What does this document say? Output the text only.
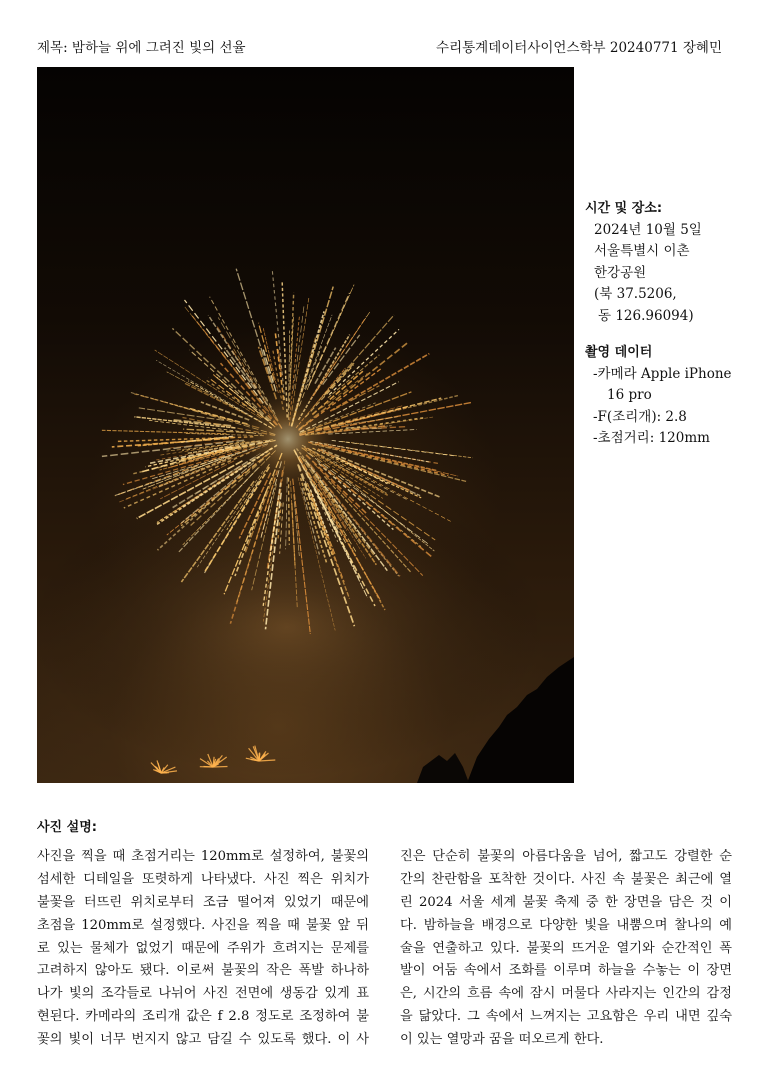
제목: 밤하늘 위에 그려진 빛의 선율	수리통계데이터사이언스학부 20240771 장혜민
시간 및 장소:
2024년 10월 5일
서울특별시 이촌
한강공원
(북 37.5206,
동 126.96094)
촬영 데이터
-카메라 Apple iPhone
16 pro
-F(조리개): 2.8
-초점거리: 120mm
사진 설명:
사진을 찍을 때 초점거리는 120mm로 설정하여, 불꽃의
섬세한 디테일을 또렷하게 나타냈다. 사진 찍은 위치가
불꽃을 터뜨린 위치로부터 조금 떨어져 있었기 때문에
초점을 120mm로 설정했다. 사진을 찍을 때 불꽃 앞 뒤
로 있는 물체가 없었기 때문에 주위가 흐려지는 문제를
고려하지 않아도 됐다. 이로써 불꽃의 작은 폭발 하나하
나가 빛의 조각들로 나뉘어 사진 전면에 생동감 있게 표
현된다. 카메라의 조리개 값은 f 2.8 정도로 조정하여 불
꽃의 빛이 너무 번지지 않고 담길 수 있도록 했다. 이 사
진은 단순히 불꽃의 아름다움을 넘어, 짧고도 강렬한 순
간의 찬란함을 포착한 것이다. 사진 속 불꽃은 최근에 열
린 2024 서울 세계 불꽃 축제 중 한 장면을 담은 것 이
다. 밤하늘을 배경으로 다양한 빛을 내뿜으며 찰나의 예
술을 연출하고 있다. 불꽃의 뜨거운 열기와 순간적인 폭
발이 어둠 속에서 조화를 이루며 하늘을 수놓는 이 장면
은, 시간의 흐름 속에 잠시 머물다 사라지는 인간의 감정
을 닮았다. 그 속에서 느껴지는 고요함은 우리 내면 깊숙
이 있는 열망과 꿈을 떠오르게 한다.
